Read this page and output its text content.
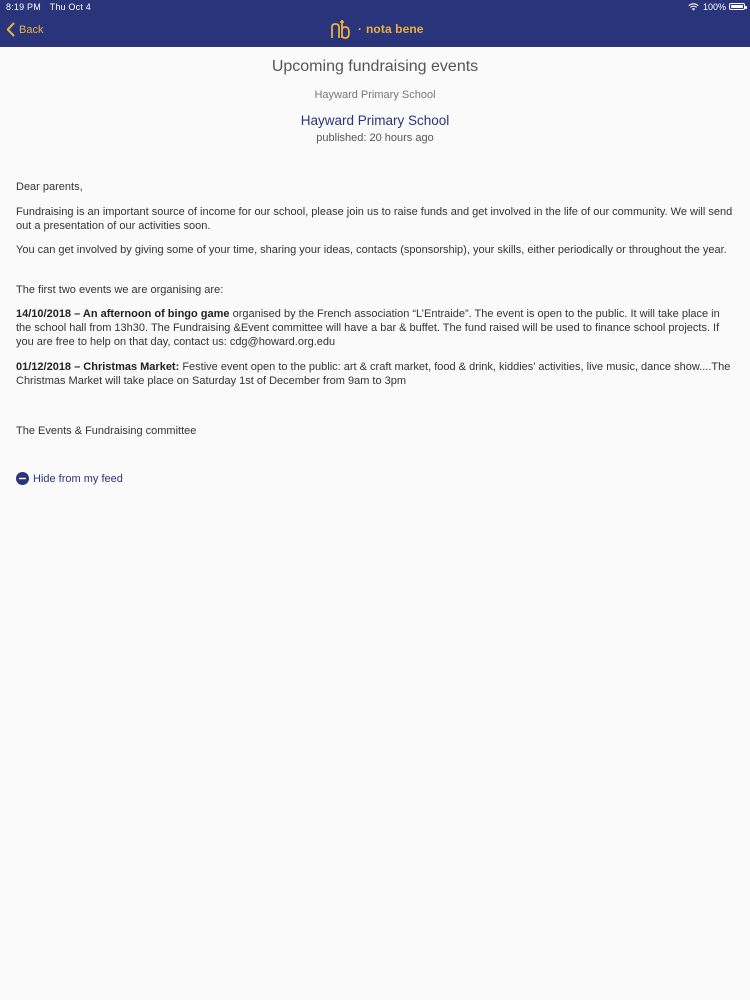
8:19 PM Thu Oct 4	100%
Back	· nota bene
Upcoming fundraising events
Hayward Primary School
Hayward Primary School
published: 20 hours ago
Dear parents,
Fundraising is an important source of income for our school, please join us to raise funds and get involved in the life of our community. We will send out a presentation of our activities soon.
You can get involved by giving some of your time, sharing your ideas, contacts (sponsorship), your skills, either periodically or throughout the year.
The first two events we are organising are:
14/10/2018 – An afternoon of bingo game organised by the French association “L’Entraide”. The event is open to the public. It will take place in the school hall from 13h30. The Fundraising &Event committee will have a bar & buffet. The fund raised will be used to finance school projects. If you are free to help on that day, contact us: cdg@howard.org.edu
01/12/2018 – Christmas Market: Festive event open to the public: art & craft market, food & drink, kiddies’ activities, live music, dance show....The Christmas Market will take place on Saturday 1st of December from 9am to 3pm
The Events & Fundraising committee
Hide from my feed
